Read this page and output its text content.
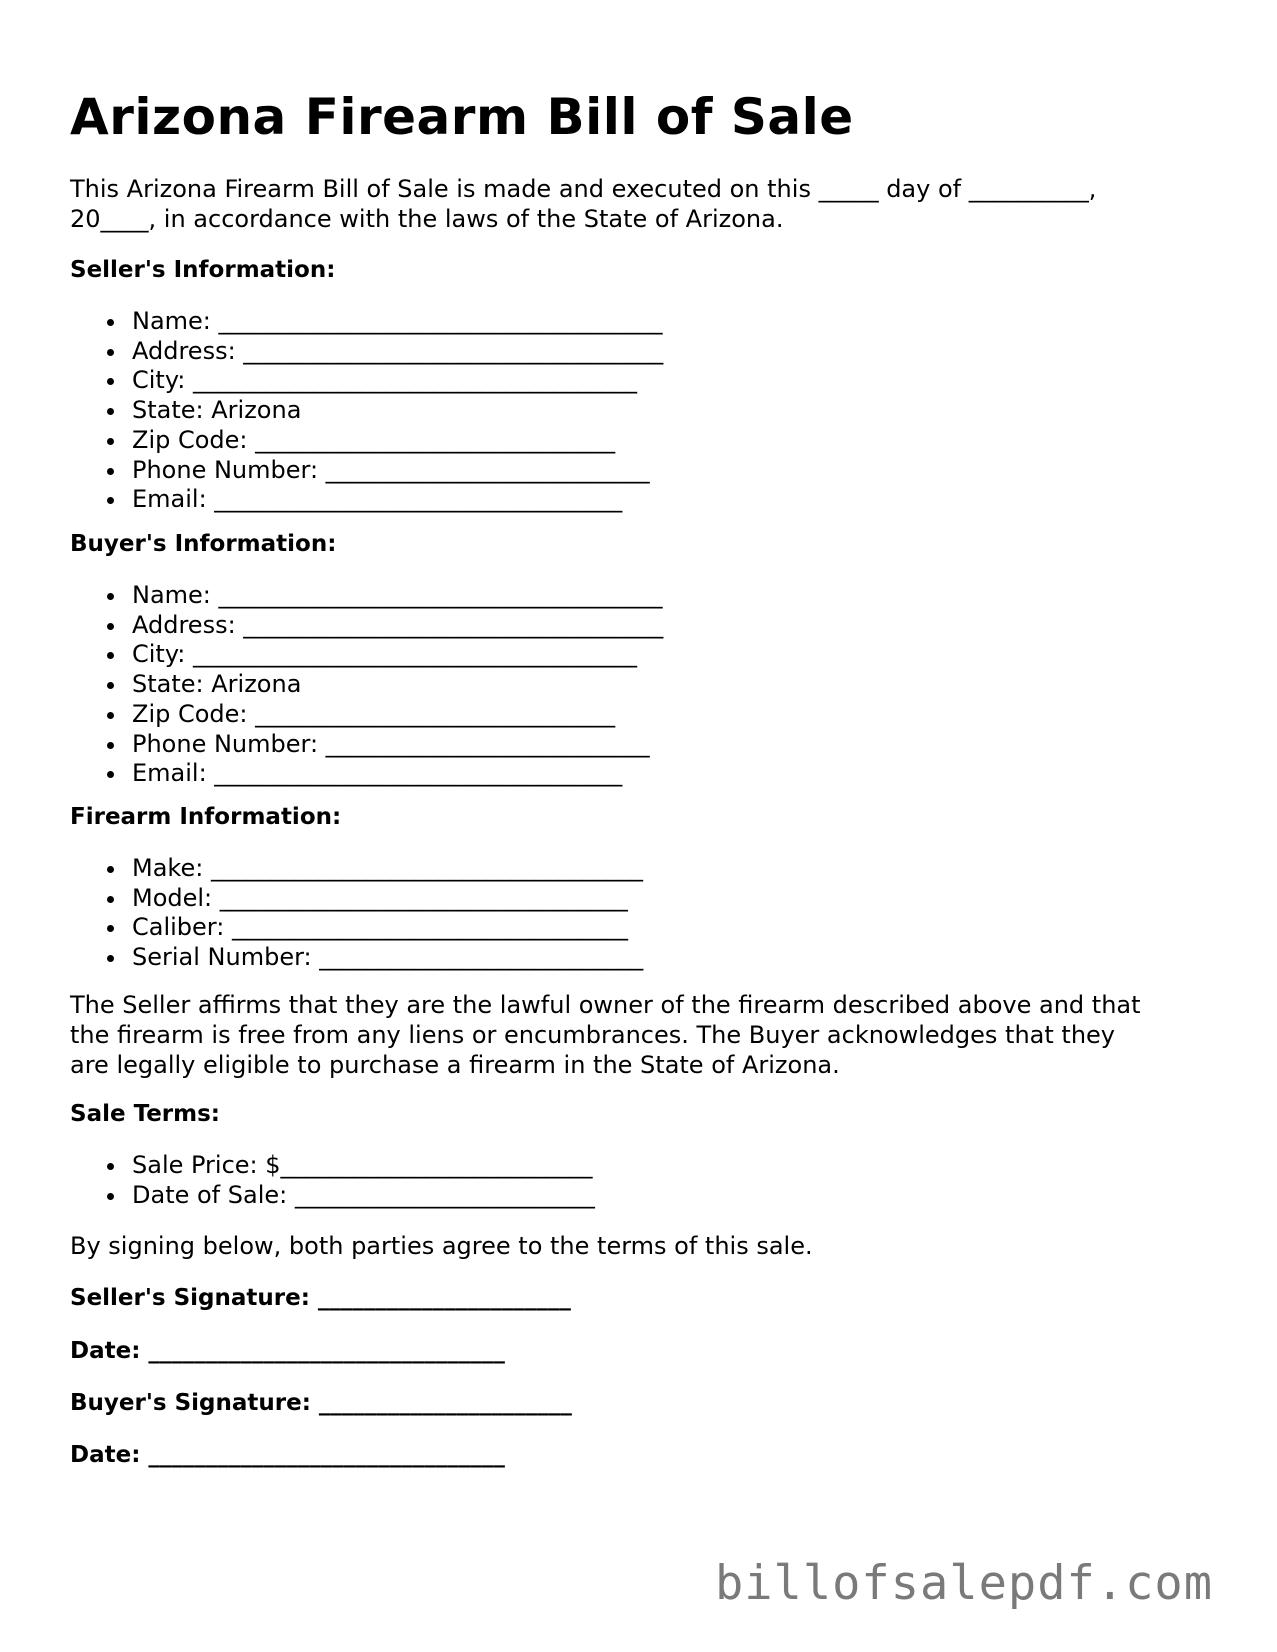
Arizona Firearm Bill of Sale

This Arizona Firearm Bill of Sale is made and executed on this _____ day of __________,
20____, in accordance with the laws of the State of Arizona.

Seller's Information:

Name: _____________________________________
Address: ___________________________________
City: _____________________________________
State: Arizona
Zip Code: ______________________________
Phone Number: ___________________________
Email: __________________________________

Buyer's Information:

Name: _____________________________________
Address: ___________________________________
City: _____________________________________
State: Arizona
Zip Code: ______________________________
Phone Number: ___________________________
Email: __________________________________

Firearm Information:

Make: ____________________________________
Model: __________________________________
Caliber: _________________________________
Serial Number: ___________________________

The Seller affirms that they are the lawful owner of the firearm described above and that
the firearm is free from any liens or encumbrances. The Buyer acknowledges that they
are legally eligible to purchase a firearm in the State of Arizona.

Sale Terms:

Sale Price: $__________________________
Date of Sale: _________________________

By signing below, both parties agree to the terms of this sale.

Seller's Signature: ______________________

Date: _______________________________

Buyer's Signature: ______________________

Date: _______________________________

billofsalepdf.com
